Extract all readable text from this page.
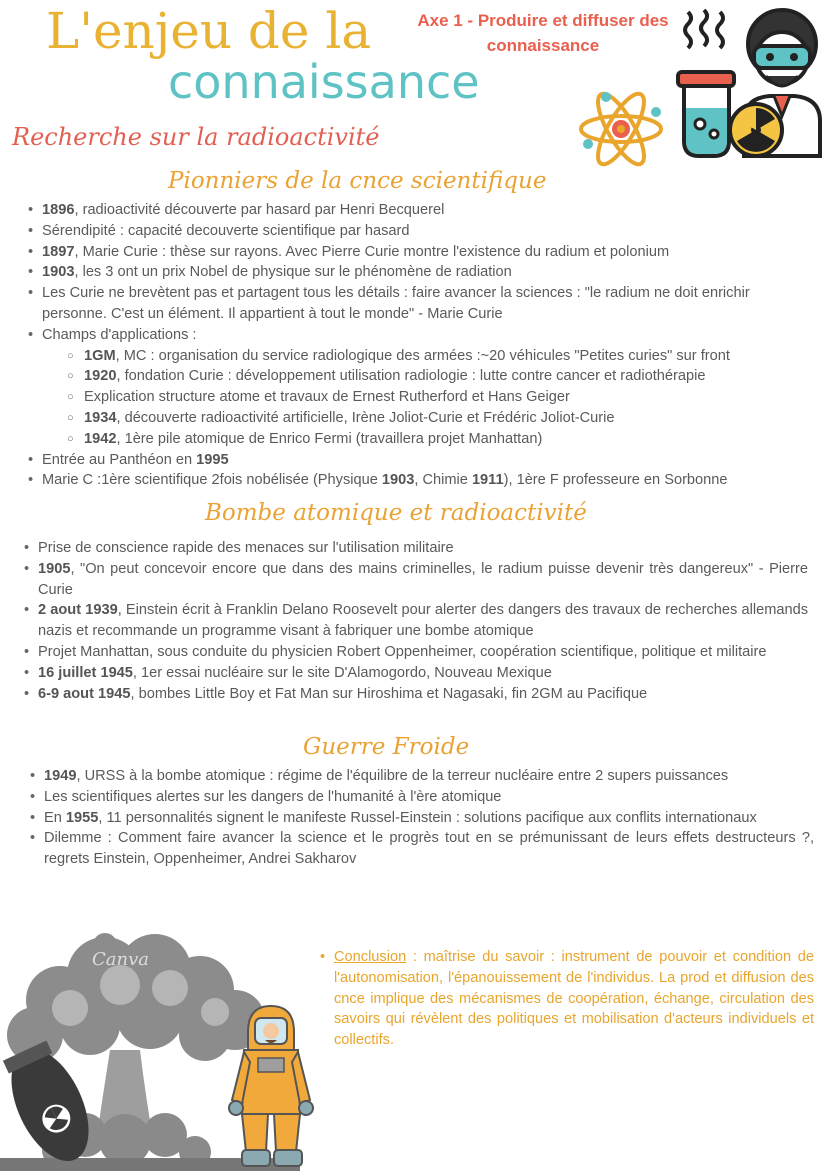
L'enjeu de la
connaissance
Axe 1 - Produire et diffuser des
connaissance
Recherche sur la radioactivité
Pionniers de la cnce scientifique
• 1896, radioactivité découverte par hasard par Henri Becquerel
• Sérendipité : capacité decouverte scientifique par hasard
• 1897, Marie Curie : thèse sur rayons. Avec Pierre Curie montre l'existence du radium et polonium
• 1903, les 3 ont un prix Nobel de physique sur le phénomène de radiation
• Les Curie ne brevètent pas et partagent tous les détails : faire avancer la sciences : "le radium ne doit enrichir personne. C'est un élément. Il appartient à tout le monde" - Marie Curie
• Champs d'applications :
○ 1GM, MC : organisation du service radiologique des armées :~20 véhicules "Petites curies" sur front
○ 1920, fondation Curie : développement utilisation radiologie : lutte contre cancer et radiothérapie
○ Explication structure atome et travaux de Ernest Rutherford et Hans Geiger
○ 1934, découverte radioactivité artificielle, Irène Joliot-Curie et Frédéric Joliot-Curie
○ 1942, 1ère pile atomique de Enrico Fermi (travaillera projet Manhattan)
• Entrée au Panthéon en 1995
• Marie C :1ère scientifique 2fois nobélisée (Physique 1903, Chimie 1911), 1ère F professeure en Sorbonne
Bombe atomique et radioactivité
• Prise de conscience rapide des menaces sur l'utilisation militaire
• 1905, "On peut concevoir encore que dans des mains criminelles, le radium puisse devenir très dangereux" - Pierre Curie
• 2 aout 1939, Einstein écrit à Franklin Delano Roosevelt pour alerter des dangers des travaux de recherches allemands nazis et recommande un programme visant à fabriquer une bombe atomique
• Projet Manhattan, sous conduite du physicien Robert Oppenheimer, coopération scientifique, politique et militaire
• 16 juillet 1945, 1er essai nucléaire sur le site D'Alamogordo, Nouveau Mexique
• 6-9 aout 1945, bombes Little Boy et Fat Man sur Hiroshima et Nagasaki, fin 2GM au Pacifique
Guerre Froide
• 1949, URSS à la bombe atomique : régime de l'équilibre de la terreur nucléaire entre 2 supers puissances
• Les scientifiques alertes sur les dangers de l'humanité à l'ère atomique
• En 1955, 11 personnalités signent le manifeste Russel-Einstein : solutions pacifique aux conflits internationaux
• Dilemme : Comment faire avancer la science et le progrès tout en se prémunissant de leurs effets destructeurs ?, regrets Einstein, Oppenheimer, Andrei Sakharov
• Conclusion : maîtrise du savoir : instrument de pouvoir et condition de l'autonomisation, l'épanouissement de l'individus. La prod et diffusion des cnce implique des mécanismes de coopération, échange, circulation des savoirs qui révèlent des politiques et mobilisation d'acteurs individuels et collectifs.
Canva
